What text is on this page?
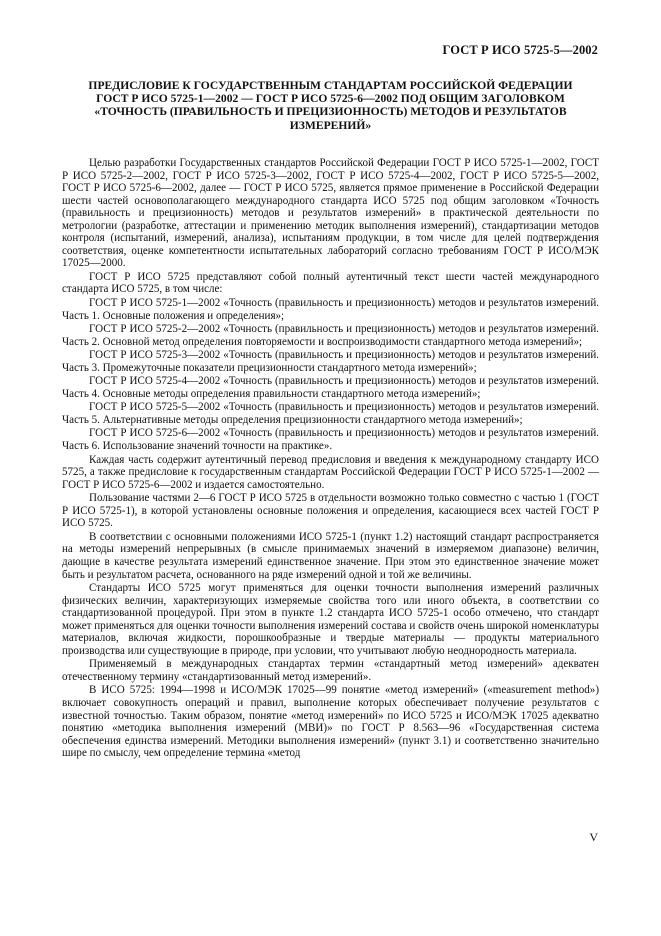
ГОСТ Р ИСО 5725-5—2002
ПРЕДИСЛОВИЕ К ГОСУДАРСТВЕННЫМ СТАНДАРТАМ РОССИЙСКОЙ ФЕДЕРАЦИИ
ГОСТ Р ИСО 5725-1—2002 — ГОСТ Р ИСО 5725-6—2002 ПОД ОБЩИМ ЗАГОЛОВКОМ
«ТОЧНОСТЬ (ПРАВИЛЬНОСТЬ И ПРЕЦИЗИОННОСТЬ) МЕТОДОВ И РЕЗУЛЬТАТОВ
ИЗМЕРЕНИЙ»

Целью разработки Государственных стандартов Российской Федерации ГОСТ Р ИСО 5725-1—2002, ГОСТ Р ИСО 5725-2—2002, ГОСТ Р ИСО 5725-3—2002, ГОСТ Р ИСО 5725-4—2002, ГОСТ Р ИСО 5725-5—2002, ГОСТ Р ИСО 5725-6—2002, далее — ГОСТ Р ИСО 5725, является прямое применение в Российской Федерации шести частей основополагающего международного стандарта ИСО 5725 под общим заголовком «Точность (правильность и прецизионность) методов и результатов измерений» в практической деятельности по метрологии (разработке, аттестации и применению методик выполнения измерений), стандартизации методов контроля (испытаний, измерений, анализа), испытаниям продукции, в том числе для целей подтверждения соответствия, оценке компетентности испытательных лабораторий согласно требованиям ГОСТ Р ИСО/МЭК 17025—2000.

ГОСТ Р ИСО 5725 представляют собой полный аутентичный текст шести частей международного стандарта ИСО 5725, в том числе:

ГОСТ Р ИСО 5725-1—2002 «Точность (правильность и прецизионность) методов и результатов измерений. Часть 1. Основные положения и определения»;

ГОСТ Р ИСО 5725-2—2002 «Точность (правильность и прецизионность) методов и результатов измерений. Часть 2. Основной метод определения повторяемости и воспроизводимости стандартного метода измерений»;

ГОСТ Р ИСО 5725-3—2002 «Точность (правильность и прецизионность) методов и результатов измерений. Часть 3. Промежуточные показатели прецизионности стандартного метода измерений»;

ГОСТ Р ИСО 5725-4—2002 «Точность (правильность и прецизионность) методов и результатов измерений. Часть 4. Основные методы определения правильности стандартного метода измерений»;

ГОСТ Р ИСО 5725-5—2002 «Точность (правильность и прецизионность) методов и результатов измерений. Часть 5. Альтернативные методы определения прецизионности стандартного метода измерений»;

ГОСТ Р ИСО 5725-6—2002 «Точность (правильность и прецизионность) методов и результатов измерений. Часть 6. Использование значений точности на практике».

Каждая часть содержит аутентичный перевод предисловия и введения к международному стандарту ИСО 5725, а также предисловие к государственным стандартам Российской Федерации ГОСТ Р ИСО 5725-1—2002 — ГОСТ Р ИСО 5725-6—2002 и издается самостоятельно.

Пользование частями 2—6 ГОСТ Р ИСО 5725 в отдельности возможно только совместно с частью 1 (ГОСТ Р ИСО 5725-1), в которой установлены основные положения и определения, касающиеся всех частей ГОСТ Р ИСО 5725.

В соответствии с основными положениями ИСО 5725-1 (пункт 1.2) настоящий стандарт распространяется на методы измерений непрерывных (в смысле принимаемых значений в измеряемом диапазоне) величин, дающие в качестве результата измерений единственное значение. При этом это единственное значение может быть и результатом расчета, основанного на ряде измерений одной и той же величины.

Стандарты ИСО 5725 могут применяться для оценки точности выполнения измерений различных физических величин, характеризующих измеряемые свойства того или иного объекта, в соответствии со стандартизованной процедурой. При этом в пункте 1.2 стандарта ИСО 5725-1 особо отмечено, что стандарт может применяться для оценки точности выполнения измерений состава и свойств очень широкой номенклатуры материалов, включая жидкости, порошкообразные и твердые материалы — продукты материального производства или существующие в природе, при условии, что учитывают любую неоднородность материала.

Применяемый в международных стандартах термин «стандартный метод измерений» адекватен отечественному термину «стандартизованный метод измерений».

В ИСО 5725: 1994—1998 и ИСО/МЭК 17025—99 понятие «метод измерений» («measurement method») включает совокупность операций и правил, выполнение которых обеспечивает получение результатов с известной точностью. Таким образом, понятие «метод измерений» по ИСО 5725 и ИСО/МЭК 17025 адекватно понятию «методика выполнения измерений (МВИ)» по ГОСТ Р 8.563—96 «Государственная система обеспечения единства измерений. Методики выполнения измерений» (пункт 3.1) и соответственно значительно шире по смыслу, чем определение термина «метод

V
